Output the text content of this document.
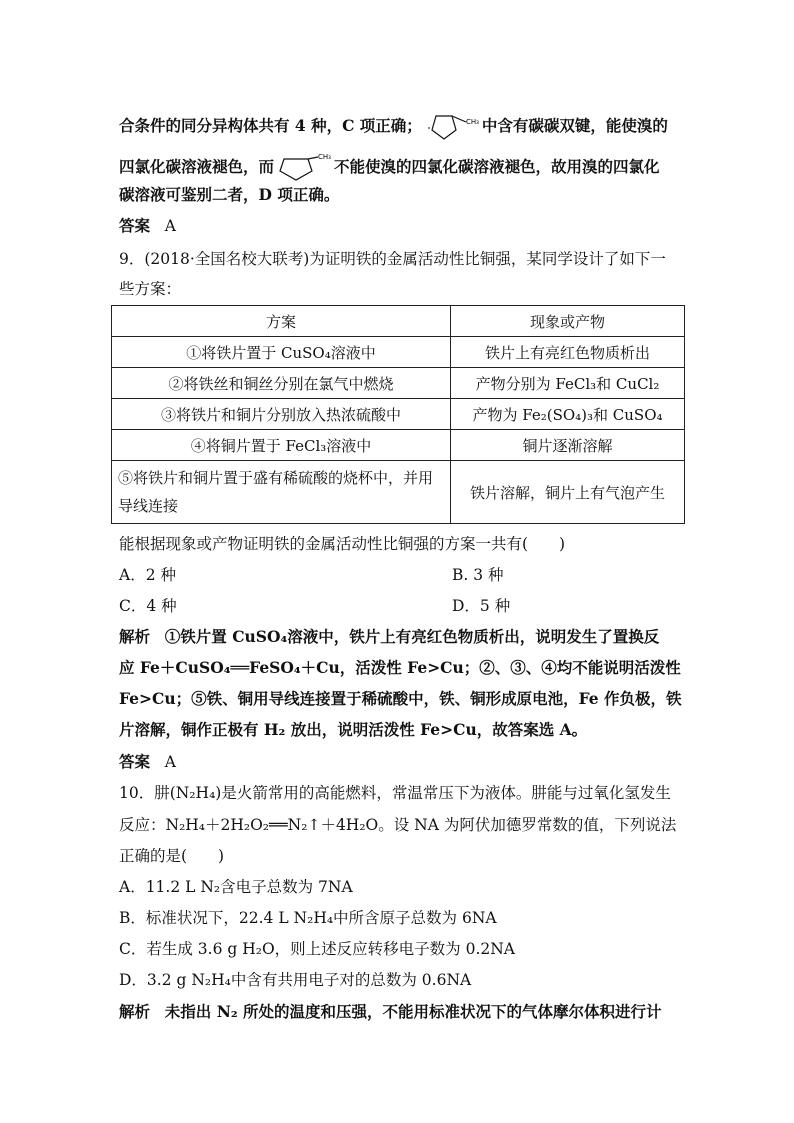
合条件的同分异构体共有 4 种，C 项正确；	CH₃ 中含有碳碳双键，能使溴的
四氯化碳溶液褪色，而	CH₃ 不能使溴的四氯化碳溶液褪色，故用溴的四氯化
碳溶液可鉴别二者，D 项正确。
答案 A
9．(2018·全国名校大联考)为证明铁的金属活动性比铜强，某同学设计了如下一
些方案：
方案	现象或产物
①将铁片置于 CuSO₄溶液中	铁片上有亮红色物质析出
②将铁丝和铜丝分别在氯气中燃烧	产物分别为 FeCl₃和 CuCl₂
③将铁片和铜片分别放入热浓硫酸中	产物为 Fe₂(SO₄)₃和 CuSO₄
④将铜片置于 FeCl₃溶液中	铜片逐渐溶解
⑤将铁片和铜片置于盛有稀硫酸的烧杯中，并用导线连接	铁片溶解，铜片上有气泡产生
能根据现象或产物证明铁的金属活动性比铜强的方案一共有(　　)
A．2 种	B. 3 种
C．4 种	D．5 种
解析 ①铁片置 CuSO₄溶液中，铁片上有亮红色物质析出，说明发生了置换反
应 Fe＋CuSO₄══FeSO₄＋Cu，活泼性 Fe>Cu；②、③、④均不能说明活泼性
Fe>Cu；⑤铁、铜用导线连接置于稀硫酸中，铁、铜形成原电池，Fe 作负极，铁
片溶解，铜作正极有 H₂ 放出，说明活泼性 Fe>Cu，故答案选 A。
答案 A
10．肼(N₂H₄)是火箭常用的高能燃料，常温常压下为液体。肼能与过氧化氢发生
反应：N₂H₄＋2H₂O₂══N₂↑＋4H₂O。设 NA 为阿伏加德罗常数的值，下列说法
正确的是(　　)
A．11.2 L N₂含电子总数为 7NA
B．标准状况下，22.4 L N₂H₄中所含原子总数为 6NA
C．若生成 3.6 g H₂O，则上述反应转移电子数为 0.2NA
D．3.2 g N₂H₄中含有共用电子对的总数为 0.6NA
解析 未指出 N₂ 所处的温度和压强，不能用标准状况下的气体摩尔体积进行计
